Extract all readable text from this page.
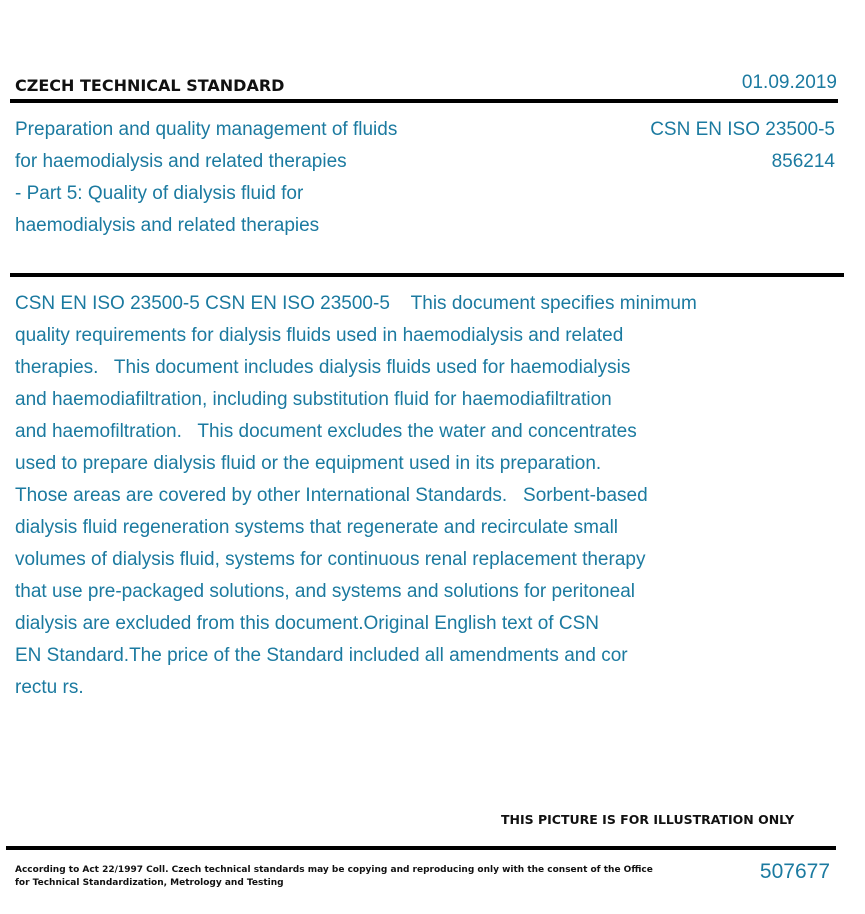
CZECH TECHNICAL STANDARD	01.09.2019
Preparation and quality management of fluids
for haemodialysis and related therapies
- Part 5: Quality of dialysis fluid for
haemodialysis and related therapies
CSN EN ISO 23500-5
856214
CSN EN ISO 23500-5 CSN EN ISO 23500-5    This document specifies minimum
quality requirements for dialysis fluids used in haemodialysis and related
therapies.   This document includes dialysis fluids used for haemodialysis
and haemodiafiltration, including substitution fluid for haemodiafiltration
and haemofiltration.   This document excludes the water and concentrates
used to prepare dialysis fluid or the equipment used in its preparation.
Those areas are covered by other International Standards.   Sorbent-based
dialysis fluid regeneration systems that regenerate and recirculate small
volumes of dialysis fluid, systems for continuous renal replacement therapy
that use pre-packaged solutions, and systems and solutions for peritoneal
dialysis are excluded from this document.Original English text of CSN
EN Standard.The price of the Standard included all amendments and cor
rectu rs.
THIS PICTURE IS FOR ILLUSTRATION ONLY
According to Act 22/1997 Coll. Czech technical standards may be copying and reproducing only with the consent of the Office
for Technical Standardization, Metrology and Testing	507677
